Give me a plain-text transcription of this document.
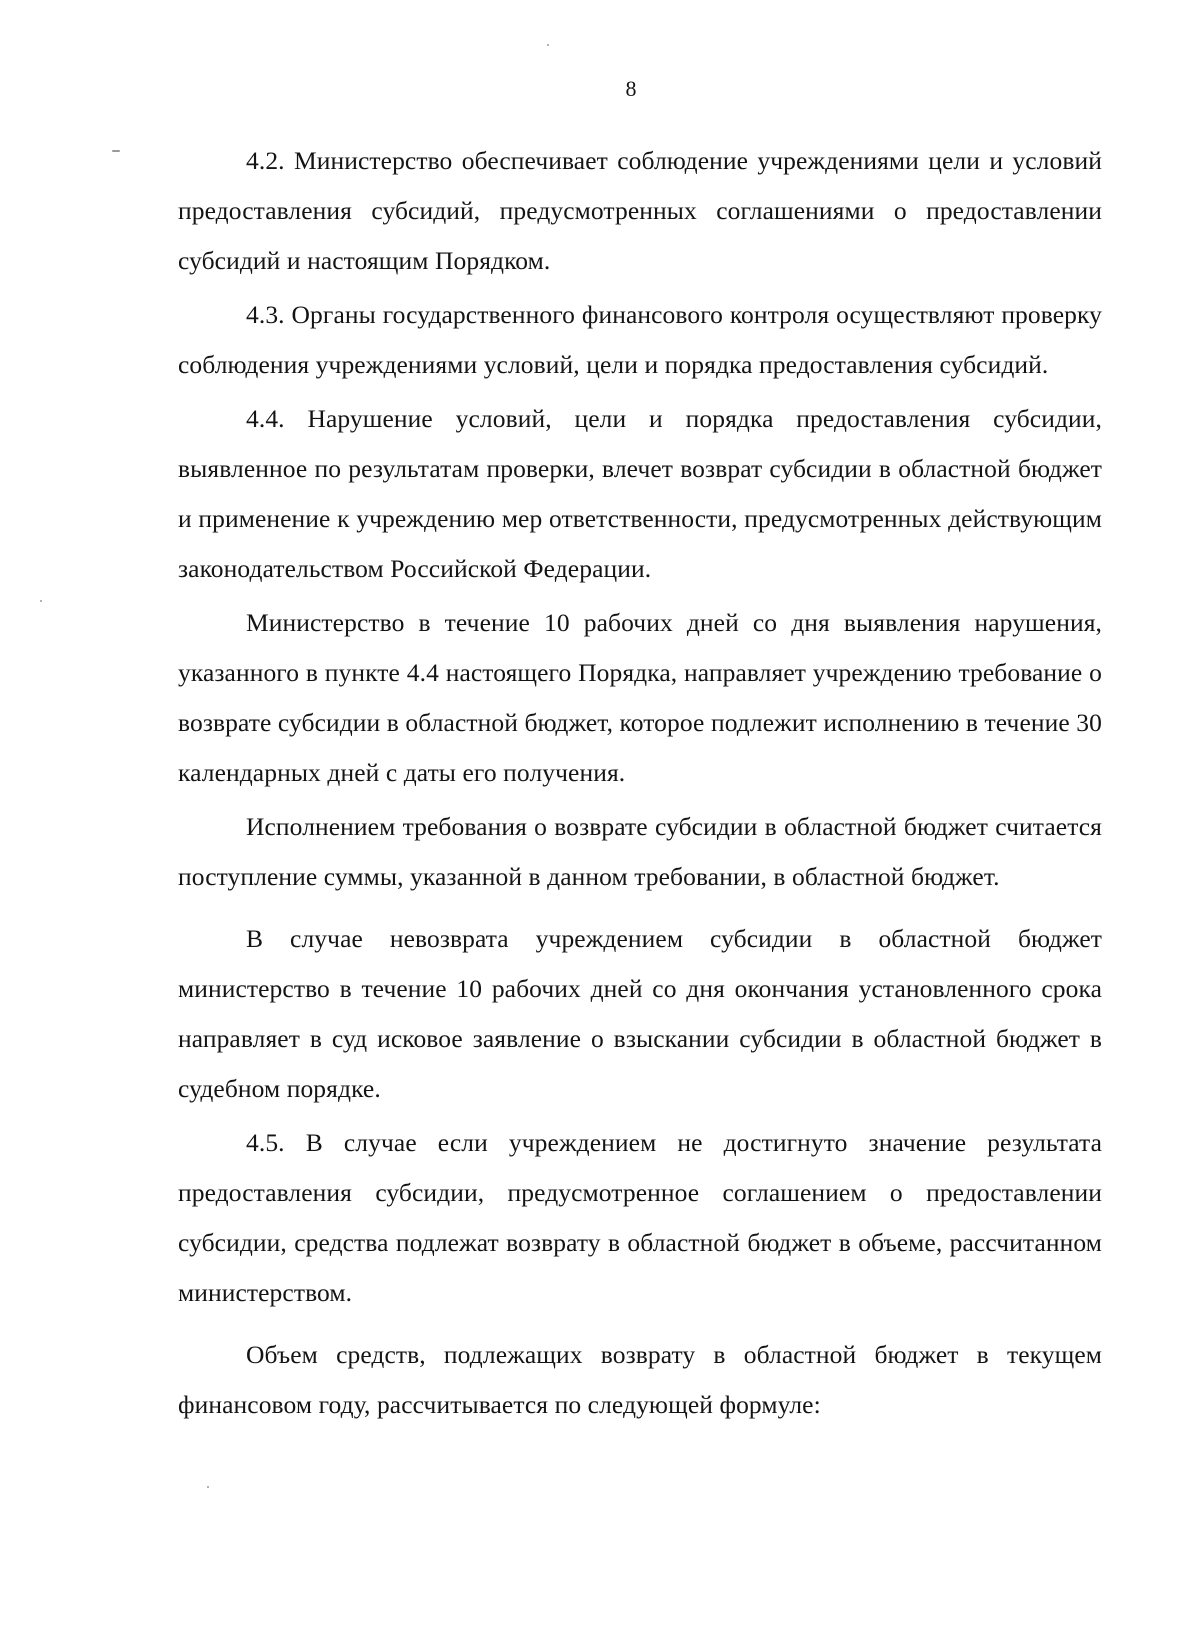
8

4.2. Министерство обеспечивает соблюдение учреждениями цели и условий предоставления субсидий, предусмотренных соглашениями о предоставлении субсидий и настоящим Порядком.

4.3. Органы государственного финансового контроля осуществляют проверку соблюдения учреждениями условий, цели и порядка предоставления субсидий.

4.4. Нарушение условий, цели и порядка предоставления субсидии, выявленное по результатам проверки, влечет возврат субсидии в областной бюджет и применение к учреждению мер ответственности, предусмотренных действующим законодательством Российской Федерации.

Министерство в течение 10 рабочих дней со дня выявления нарушения, указанного в пункте 4.4 настоящего Порядка, направляет учреждению требование о возврате субсидии в областной бюджет, которое подлежит исполнению в течение 30 календарных дней с даты его получения.

Исполнением требования о возврате субсидии в областной бюджет считается поступление суммы, указанной в данном требовании, в областной бюджет.

В случае невозврата учреждением субсидии в областной бюджет министерство в течение 10 рабочих дней со дня окончания установленного срока направляет в суд исковое заявление о взыскании субсидии в областной бюджет в судебном порядке.

4.5. В случае если учреждением не достигнуто значение результата предоставления субсидии, предусмотренное соглашением о предоставлении субсидии, средства подлежат возврату в областной бюджет в объеме, рассчитанном министерством.

Объем средств, подлежащих возврату в областной бюджет в текущем финансовом году, рассчитывается по следующей формуле:
